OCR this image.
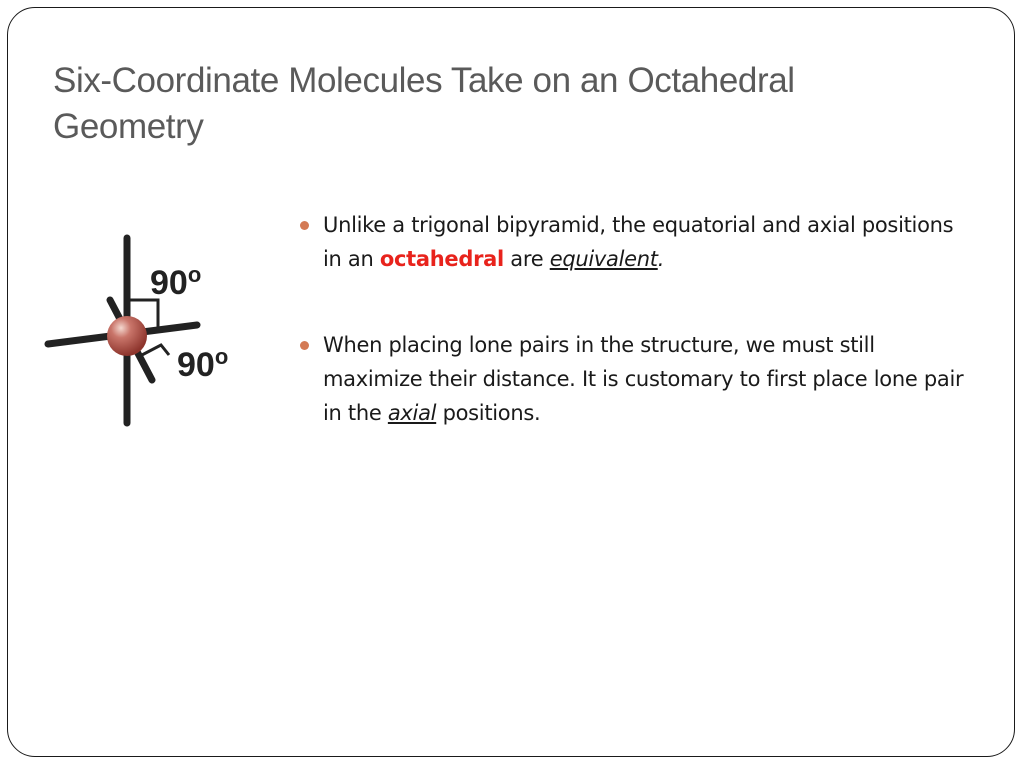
Six-Coordinate Molecules Take on an Octahedral
Geometry
90$^o$
90$^o$
Unlike a trigonal bipyramid, the equatorial and axial positions in an octahedral are equivalent.
When placing lone pairs in the structure, we must still maximize their distance. It is customary to first place lone pair in the axial positions.
